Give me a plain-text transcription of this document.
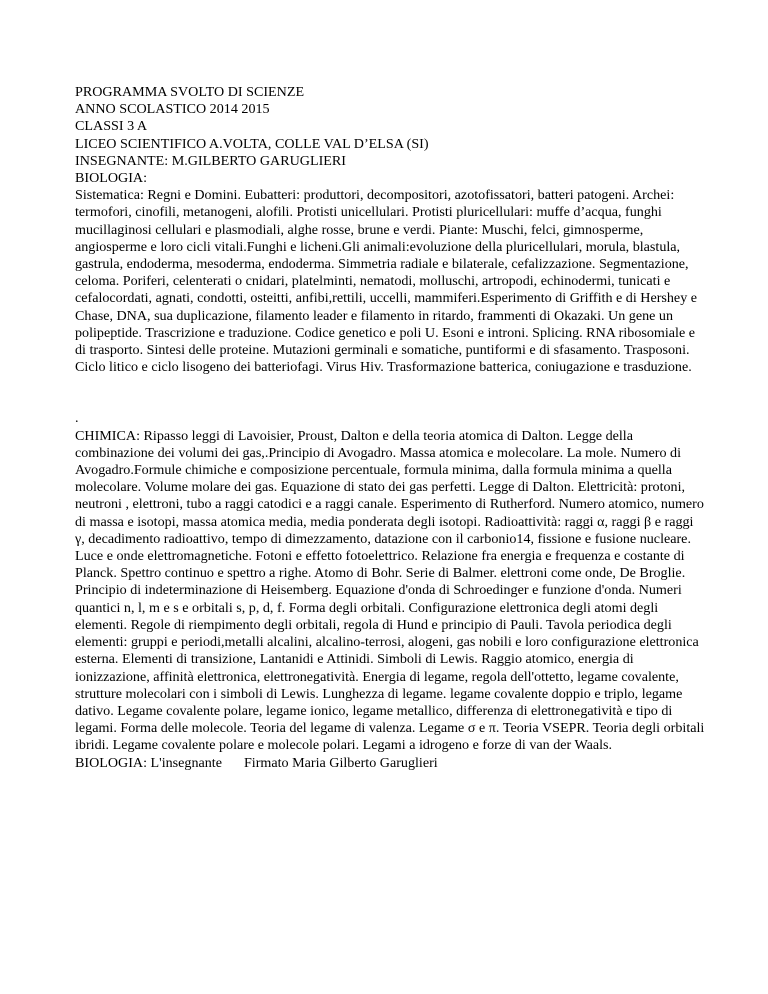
PROGRAMMA SVOLTO DI SCIENZE
ANNO SCOLASTICO 2014 2015
CLASSI 3 A
LICEO SCIENTIFICO A.VOLTA, COLLE VAL D’ELSA (SI)
INSEGNANTE: M.GILBERTO GARUGLIERI
BIOLOGIA:
Sistematica: Regni e Domini. Eubatteri: produttori, decompositori, azotofissatori, batteri patogeni. Archei: termofori, cinofili, metanogeni, alofili. Protisti unicellulari. Protisti pluricellulari: muffe d’acqua, funghi mucillaginosi cellulari e plasmodiali, alghe rosse, brune e verdi. Piante: Muschi, felci, gimnosperme, angiosperme e loro cicli vitali.Funghi e licheni.Gli animali:evoluzione della pluricellulari, morula, blastula, gastrula, endoderma, mesoderma, endoderma. Simmetria radiale e bilaterale, cefalizzazione. Segmentazione, celoma. Poriferi, celenterati o cnidari, platelminti, nematodi, molluschi, artropodi, echinodermi, tunicati e cefalocordati, agnati, condotti, osteitti, anfibi,rettili, uccelli, mammiferi.Esperimento di Griffith e di Hershey e Chase, DNA, sua duplicazione, filamento leader e filamento in ritardo, frammenti di Okazaki. Un gene un polipeptide. Trascrizione e traduzione. Codice genetico e poli U. Esoni e introni. Splicing. RNA ribosomiale e di trasporto. Sintesi delle proteine. Mutazioni germinali e somatiche, puntiformi e di sfasamento. Trasposoni. Ciclo litico e ciclo lisogeno dei batteriofagi. Virus Hiv. Trasformazione batterica, coniugazione e trasduzione.
.
CHIMICA: Ripasso leggi di Lavoisier, Proust, Dalton e della teoria atomica di Dalton. Legge della combinazione dei volumi dei gas,.Principio di Avogadro. Massa atomica e molecolare. La mole. Numero di Avogadro.Formule chimiche e composizione percentuale, formula minima, dalla formula minima a quella molecolare. Volume molare dei gas. Equazione di stato dei gas perfetti. Legge di Dalton. Elettricità: protoni, neutroni , elettroni, tubo a raggi catodici e a raggi canale. Esperimento di Rutherford. Numero atomico, numero di massa e isotopi, massa atomica media, media ponderata degli isotopi. Radioattività: raggi α, raggi β e raggi γ, decadimento radioattivo, tempo di dimezzamento, datazione con il carbonio14, fissione e fusione nucleare.
Luce e onde elettromagnetiche. Fotoni e effetto fotoelettrico. Relazione fra energia e frequenza e costante di Planck. Spettro continuo e spettro a righe. Atomo di Bohr. Serie di Balmer. elettroni come onde, De Broglie. Principio di indeterminazione di Heisemberg. Equazione d'onda di Schroedinger e funzione d'onda. Numeri quantici n, l, m e s e orbitali s, p, d, f. Forma degli orbitali. Configurazione elettronica degli atomi degli elementi. Regole di riempimento degli orbitali, regola di Hund e principio di Pauli. Tavola periodica degli elementi: gruppi e periodi,metalli alcalini, alcalino-terrosi, alogeni, gas nobili e loro configurazione elettronica esterna. Elementi di transizione, Lantanidi e Attinidi. Simboli di Lewis. Raggio atomico, energia di ionizzazione, affinità elettronica, elettronegatività. Energia di legame, regola dell'ottetto, legame covalente, strutture molecolari con i simboli di Lewis. Lunghezza di legame. legame covalente doppio e triplo, legame dativo. Legame covalente polare, legame ionico, legame metallico, differenza di elettronegatività e tipo di legami. Forma delle molecole. Teoria del legame di valenza. Legame σ e π. Teoria VSEPR. Teoria degli orbitali ibridi. Legame covalente polare e molecole polari. Legami a idrogeno e forze di van der Waals.
BIOLOGIA: L'insegnante Firmato Maria Gilberto Garuglieri
